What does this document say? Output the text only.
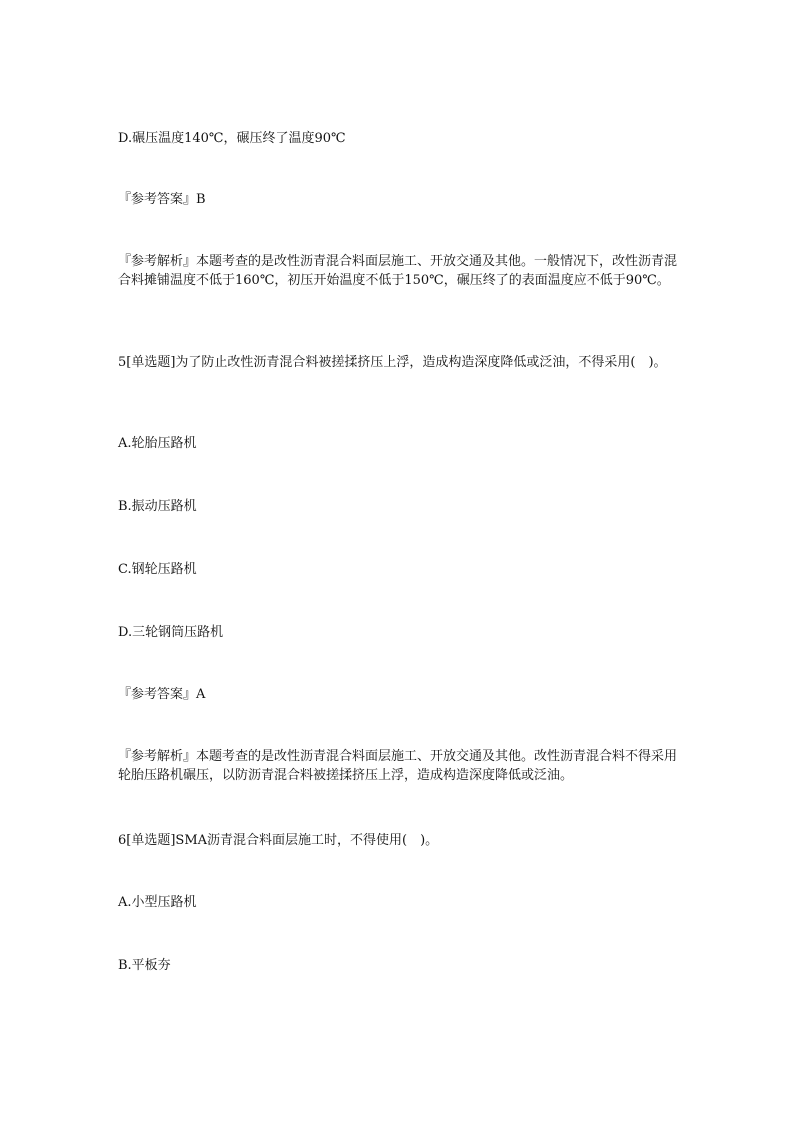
D.碾压温度140℃，碾压终了温度90℃

『参考答案』B

『参考解析』本题考查的是改性沥青混合料面层施工、开放交通及其他。一般情况下，改性沥青混合料摊铺温度不低于160℃，初压开始温度不低于150℃，碾压终了的表面温度应不低于90℃。

5[单选题]为了防止改性沥青混合料被搓揉挤压上浮，造成构造深度降低或泛油，不得采用(　)。

A.轮胎压路机

B.振动压路机

C.钢轮压路机

D.三轮钢筒压路机

『参考答案』A

『参考解析』本题考查的是改性沥青混合料面层施工、开放交通及其他。改性沥青混合料不得采用轮胎压路机碾压，以防沥青混合料被搓揉挤压上浮，造成构造深度降低或泛油。

6[单选题]SMA沥青混合料面层施工时，不得使用(　)。

A.小型压路机

B.平板夯
